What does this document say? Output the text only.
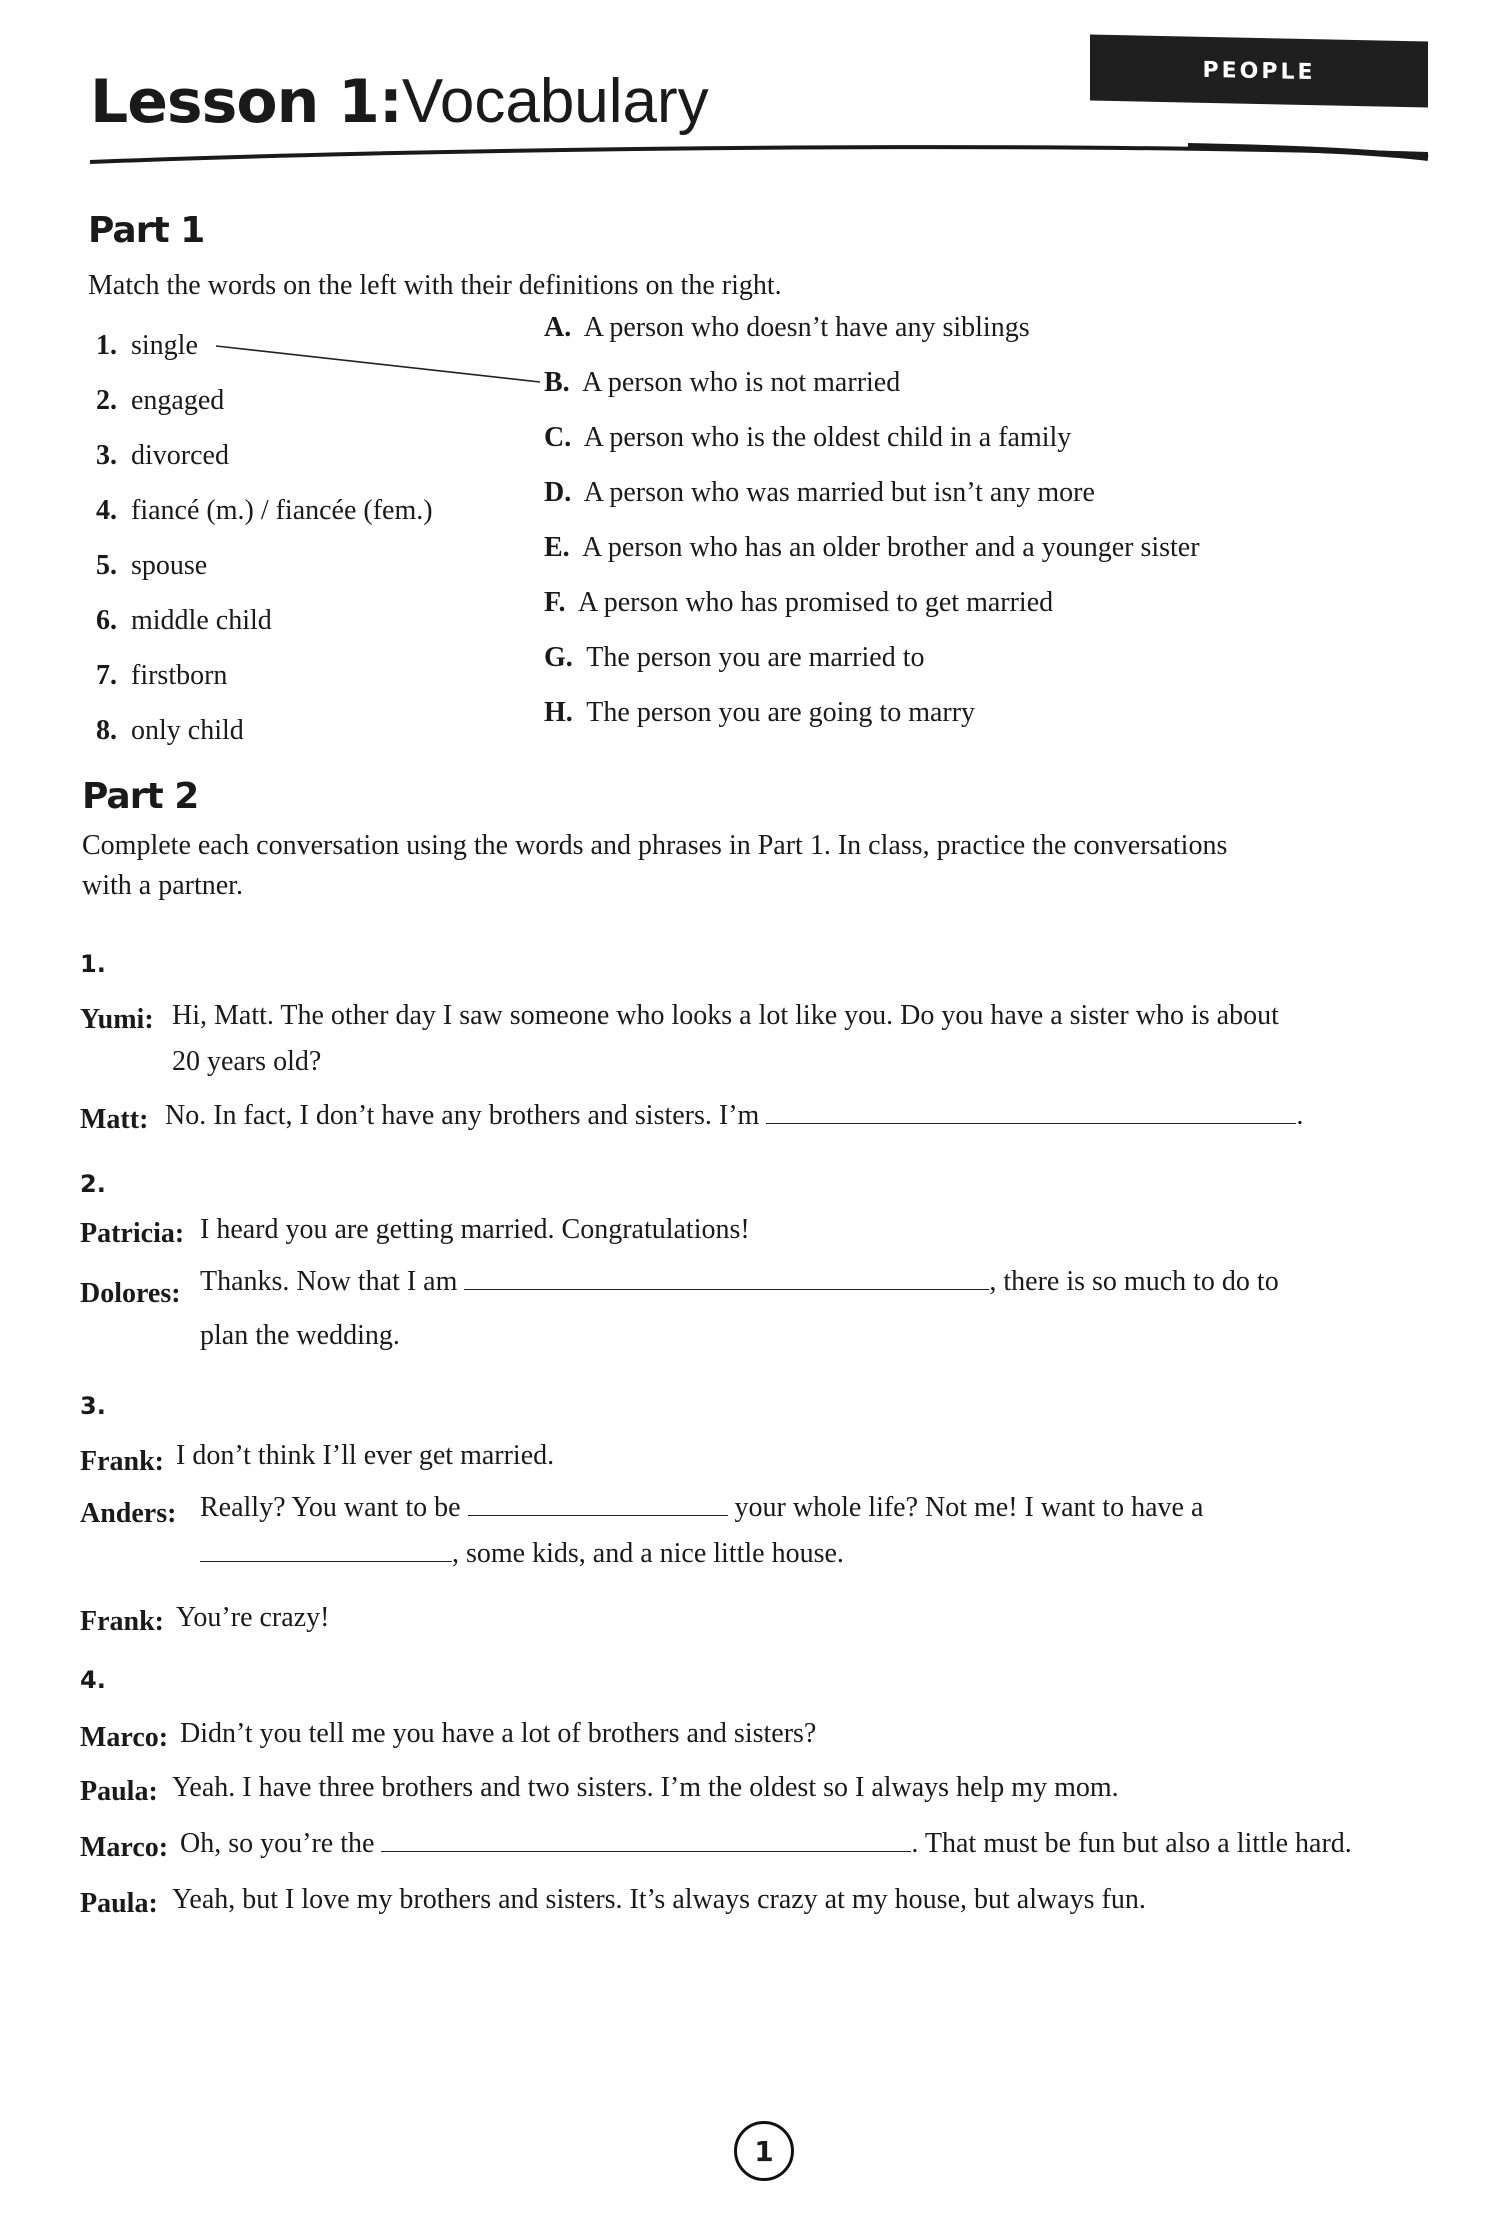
Lesson 1:Vocabulary	PEOPLE
Part 1
Match the words on the left with their definitions on the right.
1. single
2. engaged
3. divorced
4. fiancé (m.) / fiancée (fem.)
5. spouse
6. middle child
7. firstborn
8. only child
A. A person who doesn’t have any siblings
B. A person who is not married
C. A person who is the oldest child in a family
D. A person who was married but isn’t any more
E. A person who has an older brother and a younger sister
F. A person who has promised to get married
G. The person you are married to
H. The person you are going to marry
Part 2
Complete each conversation using the words and phrases in Part 1. In class, practice the conversations
with a partner.
1.
Yumi: Hi, Matt. The other day I saw someone who looks a lot like you. Do you have a sister who is about
20 years old?
Matt: No. In fact, I don’t have any brothers and sisters. I’m	.
2.
Patricia: I heard you are getting married. Congratulations!
Dolores: Thanks. Now that I am	, there is so much to do to
plan the wedding.
3.
Frank: I don’t think I’ll ever get married.
Anders: Really? You want to be	your whole life? Not me! I want to have a
, some kids, and a nice little house.
Frank: You’re crazy!
4.
Marco: Didn’t you tell me you have a lot of brothers and sisters?
Paula: Yeah. I have three brothers and two sisters. I’m the oldest so I always help my mom.
Marco: Oh, so you’re the	. That must be fun but also a little hard.
Paula: Yeah, but I love my brothers and sisters. It’s always crazy at my house, but always fun.
1
